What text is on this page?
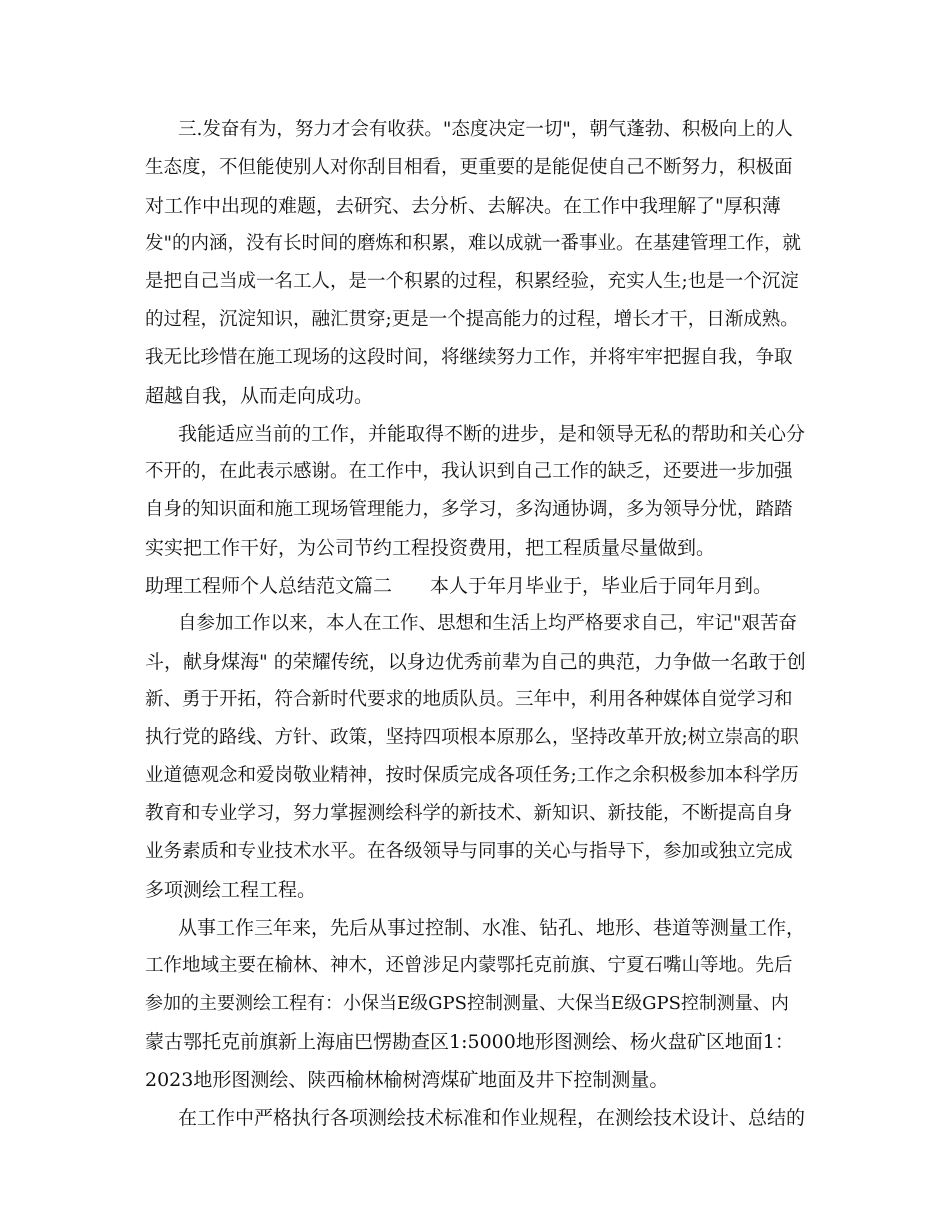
三.发奋有为，努力才会有收获。"态度决定一切"，朝气蓬勃、积极向上的人
生态度，不但能使别人对你刮目相看，更重要的是能促使自己不断努力，积极面
对工作中出现的难题，去研究、去分析、去解决。在工作中我理解了"厚积薄
发"的内涵，没有长时间的磨炼和积累，难以成就一番事业。在基建管理工作，就
是把自己当成一名工人，是一个积累的过程，积累经验，充实人生;也是一个沉淀
的过程，沉淀知识，融汇贯穿;更是一个提高能力的过程，增长才干，日渐成熟。
我无比珍惜在施工现场的这段时间，将继续努力工作，并将牢牢把握自我，争取
超越自我，从而走向成功。
我能适应当前的工作，并能取得不断的进步，是和领导无私的帮助和关心分
不开的，在此表示感谢。在工作中，我认识到自己工作的缺乏，还要进一步加强
自身的知识面和施工现场管理能力，多学习，多沟通协调，多为领导分忧，踏踏
实实把工作干好，为公司节约工程投资费用，把工程质量尽量做到。
助理工程师个人总结范文篇二　　本人于年月毕业于，毕业后于同年月到。
自参加工作以来，本人在工作、思想和生活上均严格要求自己，牢记"艰苦奋
斗，献身煤海" 的荣耀传统，以身边优秀前辈为自己的典范，力争做一名敢于创
新、勇于开拓，符合新时代要求的地质队员。三年中，利用各种媒体自觉学习和
执行党的路线、方针、政策，坚持四项根本原那么，坚持改革开放;树立崇高的职
业道德观念和爱岗敬业精神，按时保质完成各项任务;工作之余积极参加本科学历
教育和专业学习，努力掌握测绘科学的新技术、新知识、新技能，不断提高自身
业务素质和专业技术水平。在各级领导与同事的关心与指导下，参加或独立完成
多项测绘工程工程。
从事工作三年来，先后从事过控制、水准、钻孔、地形、巷道等测量工作，
工作地域主要在榆林、神木，还曾涉足内蒙鄂托克前旗、宁夏石嘴山等地。先后
参加的主要测绘工程有：小保当E级GPS控制测量、大保当E级GPS控制测量、内
蒙古鄂托克前旗新上海庙巴愣勘查区1:5000地形图测绘、杨火盘矿区地面1：
2023地形图测绘、陕西榆林榆树湾煤矿地面及井下控制测量。
在工作中严格执行各项测绘技术标准和作业规程，在测绘技术设计、总结的
